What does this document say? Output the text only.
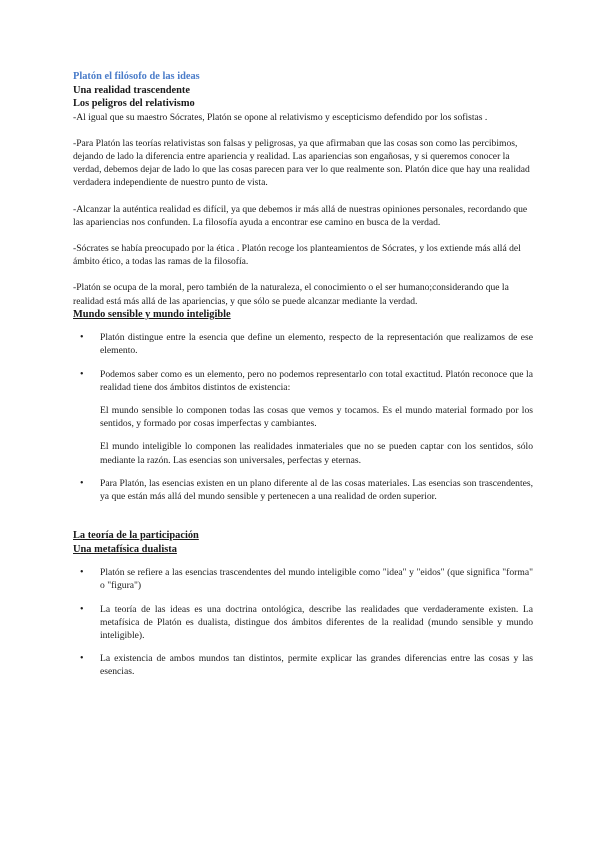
Platón el filósofo de las ideas

Una realidad trascendente

Los peligros del relativismo

-Al igual que su maestro Sócrates, Platón se opone al relativismo y escepticismo defendido por los sofistas .

-Para Platón las teorías relativistas son falsas y peligrosas, ya que afirmaban que las cosas son como las percibimos, dejando de lado la diferencia entre apariencia y realidad. Las apariencias son engañosas, y si queremos conocer la verdad, debemos dejar de lado lo que las cosas parecen para ver lo que realmente son. Platón dice que hay una realidad verdadera independiente de nuestro punto de vista.

-Alcanzar la auténtica realidad es difícil, ya que debemos ir más allá de nuestras opiniones personales, recordando que las apariencias nos confunden. La filosofía ayuda a encontrar ese camino en busca de la verdad.

-Sócrates se había preocupado por la ética . Platón recoge los planteamientos de Sócrates, y los extiende más allá del ámbito ético, a todas las ramas de la filosofía.

-Platón se ocupa de la moral, pero también de la naturaleza, el conocimiento o el ser humano;considerando que la realidad está más allá de las apariencias, y que sólo se puede alcanzar mediante la verdad.

Mundo sensible y mundo inteligible

• Platón distingue entre la esencia que define un elemento, respecto de la representación que realizamos de ese elemento.
• Podemos saber como es un elemento, pero no podemos representarlo con total exactitud. Platón reconoce que la realidad tiene dos ámbitos distintos de existencia:

El mundo sensible lo componen todas las cosas que vemos y tocamos. Es el mundo material formado por los sentidos, y formado por cosas imperfectas y cambiantes.

El mundo inteligible lo componen las realidades inmateriales que no se pueden captar con los sentidos, sólo mediante la razón. Las esencias son universales, perfectas y eternas.

• Para Platón, las esencias existen en un plano diferente al de las cosas materiales. Las esencias son trascendentes, ya que están más allá del mundo sensible y pertenecen a una realidad de orden superior.

La teoría de la participación

Una metafísica dualista

• Platón se refiere a las esencias trascendentes del mundo inteligible como "idea" y "eidos" (que significa "forma" o "figura")
• La teoría de las ideas es una doctrina ontológica, describe las realidades que verdaderamente existen. La metafísica de Platón es dualista, distingue dos ámbitos diferentes de la realidad (mundo sensible y mundo inteligible).
• La existencia de ambos mundos tan distintos, permite explicar las grandes diferencias entre las cosas y las esencias.
